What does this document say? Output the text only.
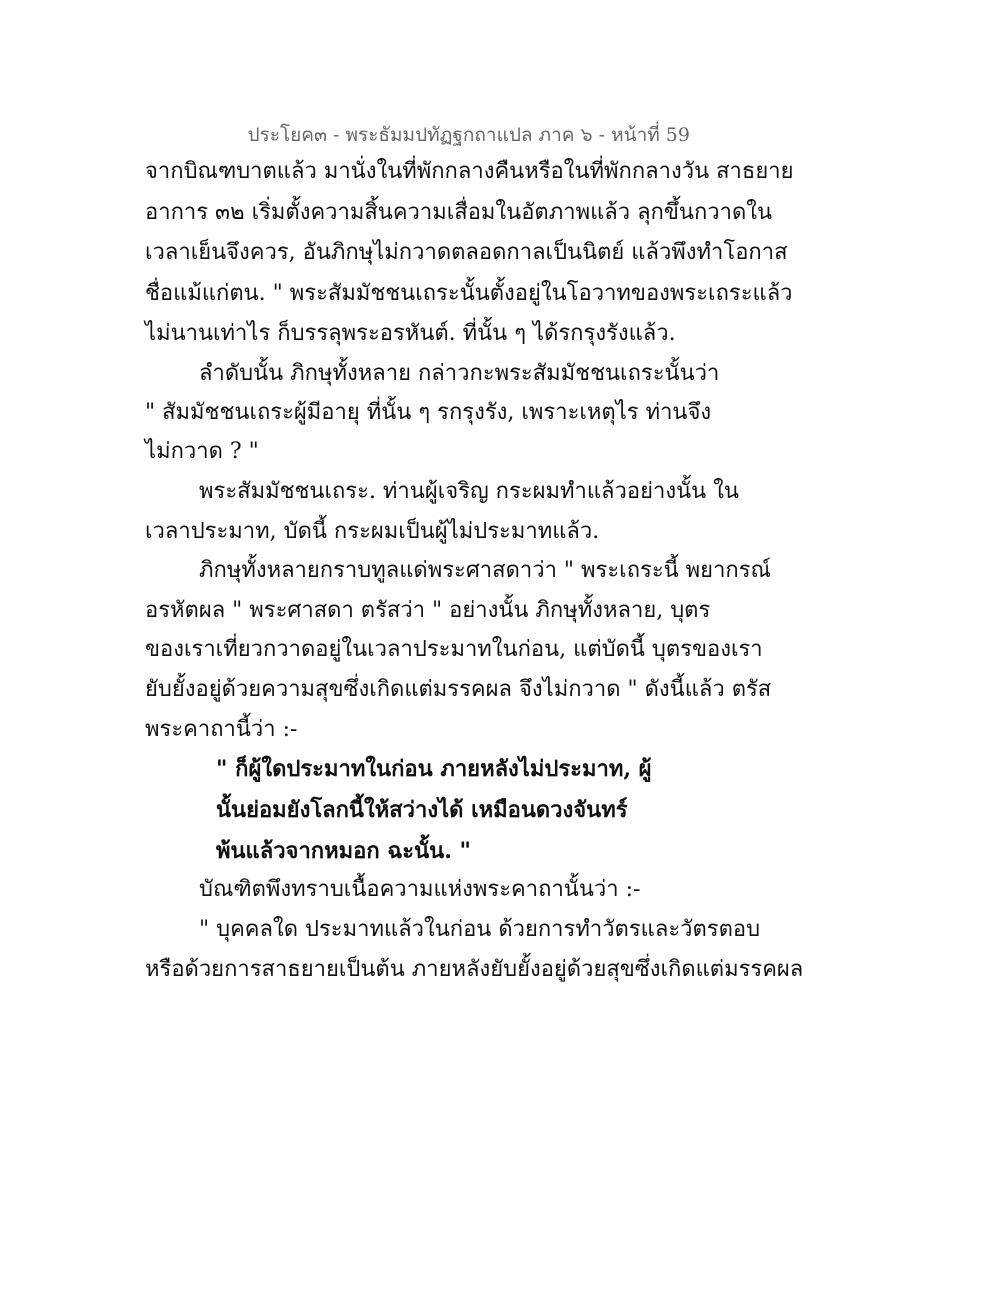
ประโยค๓ - พระธัมมปทัฏฐกถาแปล ภาค ๖ - หน้าที่ 59
จากบิณฑบาตแล้ว มานั่งในที่พักกลางคืนหรือในที่พักกลางวัน สาธยาย
อาการ ๓๒ เริ่มตั้งความสิ้นความเสื่อมในอัตภาพแล้ว ลุกขึ้นกวาดใน
เวลาเย็นจึงควร, อันภิกษุไม่กวาดตลอดกาลเป็นนิตย์ แล้วพึงทำโอกาส
ชื่อแม้แก่ตน. " พระสัมมัชชนเถระนั้นตั้งอยู่ในโอวาทของพระเถระแล้ว
ไม่นานเท่าไร ก็บรรลุพระอรหันต์. ที่นั้น ๆ ได้รกรุงรังแล้ว.
ลำดับนั้น ภิกษุทั้งหลาย กล่าวกะพระสัมมัชชนเถระนั้นว่า
" สัมมัชชนเถระผู้มีอายุ ที่นั้น ๆ รกรุงรัง, เพราะเหตุไร ท่านจึง
ไม่กวาด ? "
พระสัมมัชชนเถระ. ท่านผู้เจริญ กระผมทำแล้วอย่างนั้น ใน
เวลาประมาท, บัดนี้ กระผมเป็นผู้ไม่ประมาทแล้ว.
ภิกษุทั้งหลายกราบทูลแด่พระศาสดาว่า " พระเถระนี้ พยากรณ์
อรหัตผล " พระศาสดา ตรัสว่า " อย่างนั้น ภิกษุทั้งหลาย, บุตร
ของเราเที่ยวกวาดอยู่ในเวลาประมาทในก่อน, แต่บัดนี้ บุตรของเรา
ยับยั้งอยู่ด้วยความสุขซึ่งเกิดแต่มรรคผล จึงไม่กวาด " ดังนี้แล้ว ตรัส
พระคาถานี้ว่า :-
" ก็ผู้ใดประมาทในก่อน ภายหลังไม่ประมาท, ผู้
นั้นย่อมยังโลกนี้ให้สว่างได้ เหมือนดวงจันทร์
พ้นแล้วจากหมอก ฉะนั้น. "
บัณฑิตพึงทราบเนื้อความแห่งพระคาถานั้นว่า :-
" บุคคลใด ประมาทแล้วในก่อน ด้วยการทำวัตรและวัตรตอบ
หรือด้วยการสาธยายเป็นต้น ภายหลังยับยั้งอยู่ด้วยสุขซึ่งเกิดแต่มรรคผล
